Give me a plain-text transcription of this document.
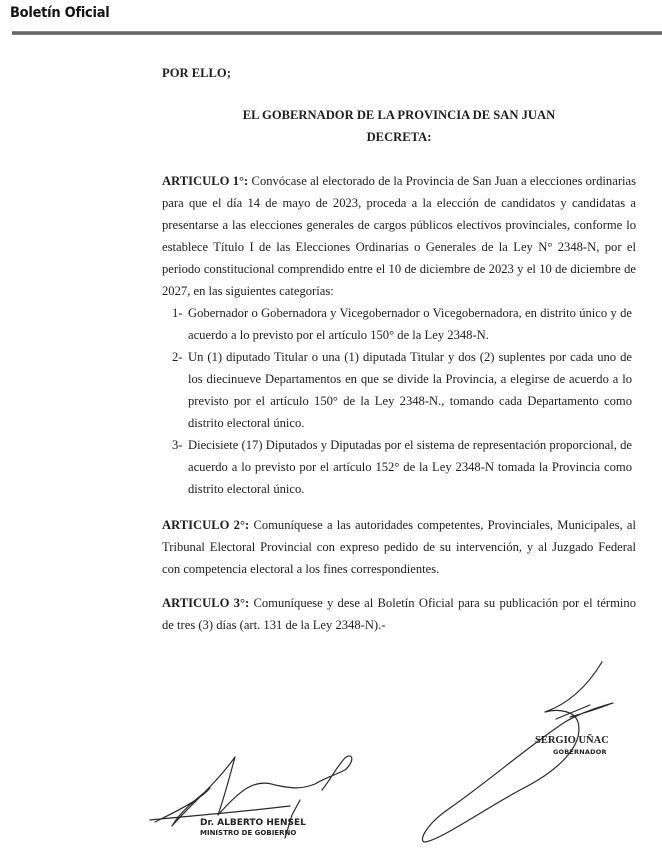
Boletín Oficial

POR ELLO;

EL GOBERNADOR DE LA PROVINCIA DE SAN JUAN

DECRETA:

ARTICULO 1°: Convócase al electorado de la Provincia de San Juan a elecciones ordinarias para que el día 14 de mayo de 2023, proceda a la elección de candidatos y candidatas a presentarse a las elecciones generales de cargos públicos electivos provinciales, conforme lo establece Título I de las Elecciones Ordinarias o Generales de la Ley N° 2348-N, por el periodo constitucional comprendido entre el 10 de diciembre de 2023 y el 10 de diciembre de 2027, en las siguientes categorías:

1- Gobernador o Gobernadora y Vicegobernador o Vicegobernadora, en distrito único y de acuerdo a lo previsto por el artículo 150° de la Ley 2348-N.
2- Un (1) diputado Titular o una (1) diputada Titular y dos (2) suplentes por cada uno de los diecinueve Departamentos en que se divide la Provincia, a elegirse de acuerdo a lo previsto por el artículo 150° de la Ley 2348-N., tomando cada Departamento como distrito electoral único.
3- Diecisiete (17) Diputados y Diputadas por el sistema de representación proporcional, de acuerdo a lo previsto por el artículo 152° de la Ley 2348-N tomada la Provincia como distrito electoral único.

ARTICULO 2°: Comuníquese a las autoridades competentes, Provinciales, Municipales, al Tribunal Electoral Provincial con expreso pedido de su intervención, y al Juzgado Federal con competencia electoral a los fines correspondientes.

ARTICULO 3°: Comuníquese y dese al Boletín Oficial para su publicación por el término de tres (3) días (art. 131 de la Ley 2348-N).-

SERGIO UÑAC
GOBERNADOR
Dr. ALBERTO HENSEL
MINISTRO DE GOBIERNO
